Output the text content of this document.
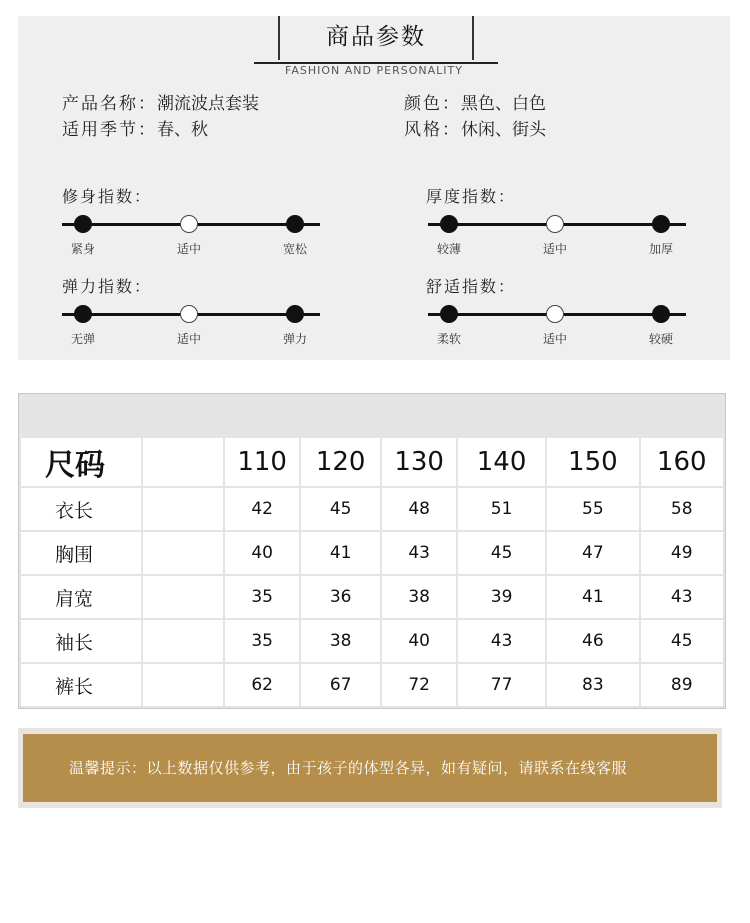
商品参数
FASHION AND PERSONALITY
产品名称：潮流波点套装
适用季节：春、秋
颜色：黑色、白色
风格：休闲、街头
修身指数：
紧身	适中	宽松
厚度指数：
较薄	适中	加厚
弹力指数：
无弹	适中	弹力
舒适指数：
柔软	适中	较硬
尺码		110	120	130	140	150	160
衣长		42	45	48	51	55	58
胸围		40	41	43	45	47	49
肩宽		35	36	38	39	41	43
袖长		35	38	40	43	46	45
裤长		62	67	72	77	83	89
温馨提示：以上数据仅供参考，由于孩子的体型各异，如有疑问，请联系在线客服
